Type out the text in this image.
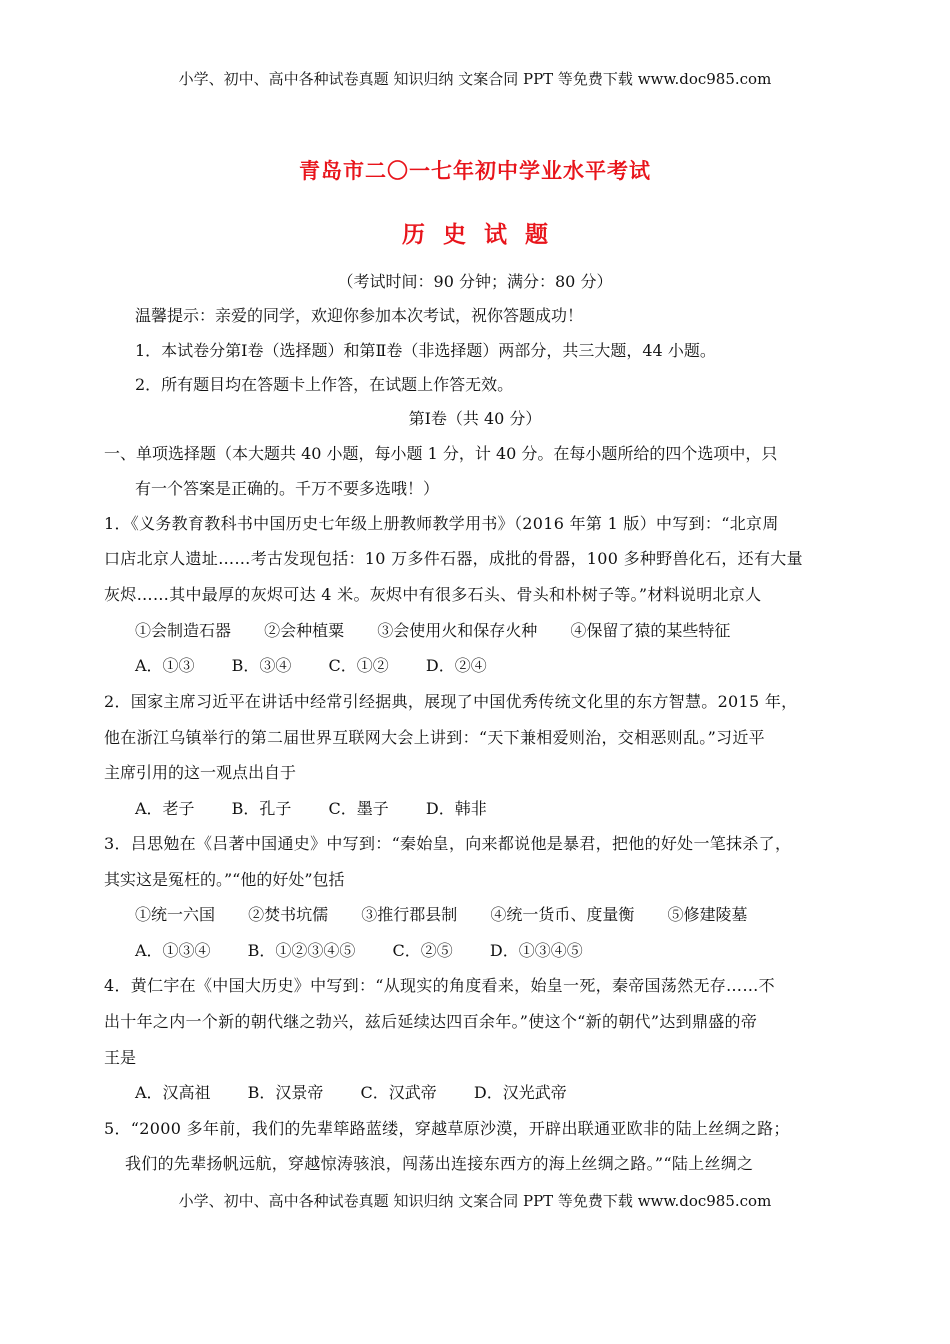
小学、初中、高中各种试卷真题 知识归纳 文案合同 PPT 等免费下载 www.doc985.com
青岛市二〇一七年初中学业水平考试
历史试题
（考试时间：90 分钟；满分：80 分）
温馨提示：亲爱的同学，欢迎你参加本次考试，祝你答题成功！
1．本试卷分第Ⅰ卷（选择题）和第Ⅱ卷（非选择题）两部分，共三大题，44 小题。
2．所有题目均在答题卡上作答，在试题上作答无效。
第Ⅰ卷（共 40 分）
一、单项选择题（本大题共 40 小题，每小题 1 分，计 40 分。在每小题所给的四个选项中，只
有一个答案是正确的。千万不要多选哦！）
1．《义务教育教科书中国历史七年级上册教师教学用书》（2016 年第 1 版）中写到：“北京周
口店北京人遗址……考古发现包括：10 万多件石器，成批的骨器，100 多种野兽化石，还有大量
灰烬……其中最厚的灰烬可达 4 米。灰烬中有很多石头、骨头和朴树子等。”材料说明北京人
①会制造石器 ②会种植粟 ③会使用火和保存火种 ④保留了猿的某些特征
A．①③ B．③④ C．①② D．②④
2．国家主席习近平在讲话中经常引经据典，展现了中国优秀传统文化里的东方智慧。2015 年，
他在浙江乌镇举行的第二届世界互联网大会上讲到：“天下兼相爱则治，交相恶则乱。”习近平
主席引用的这一观点出自于
A．老子 B．孔子 C．墨子 D．韩非
3．吕思勉在《吕著中国通史》中写到：“秦始皇，向来都说他是暴君，把他的好处一笔抹杀了，
其实这是冤枉的。”“他的好处”包括
①统一六国 ②焚书坑儒 ③推行郡县制 ④统一货币、度量衡 ⑤修建陵墓
A．①③④ B．①②③④⑤ C．②⑤ D．①③④⑤
4．黄仁宇在《中国大历史》中写到：“从现实的角度看来，始皇一死，秦帝国荡然无存……不
出十年之内一个新的朝代继之勃兴，兹后延续达四百余年。”使这个“新的朝代”达到鼎盛的帝
王是
A．汉高祖 B．汉景帝 C．汉武帝 D．汉光武帝
5．“2000 多年前，我们的先辈筚路蓝缕，穿越草原沙漠，开辟出联通亚欧非的陆上丝绸之路；
我们的先辈扬帆远航，穿越惊涛骇浪，闯荡出连接东西方的海上丝绸之路。”“陆上丝绸之
小学、初中、高中各种试卷真题 知识归纳 文案合同 PPT 等免费下载 www.doc985.com
